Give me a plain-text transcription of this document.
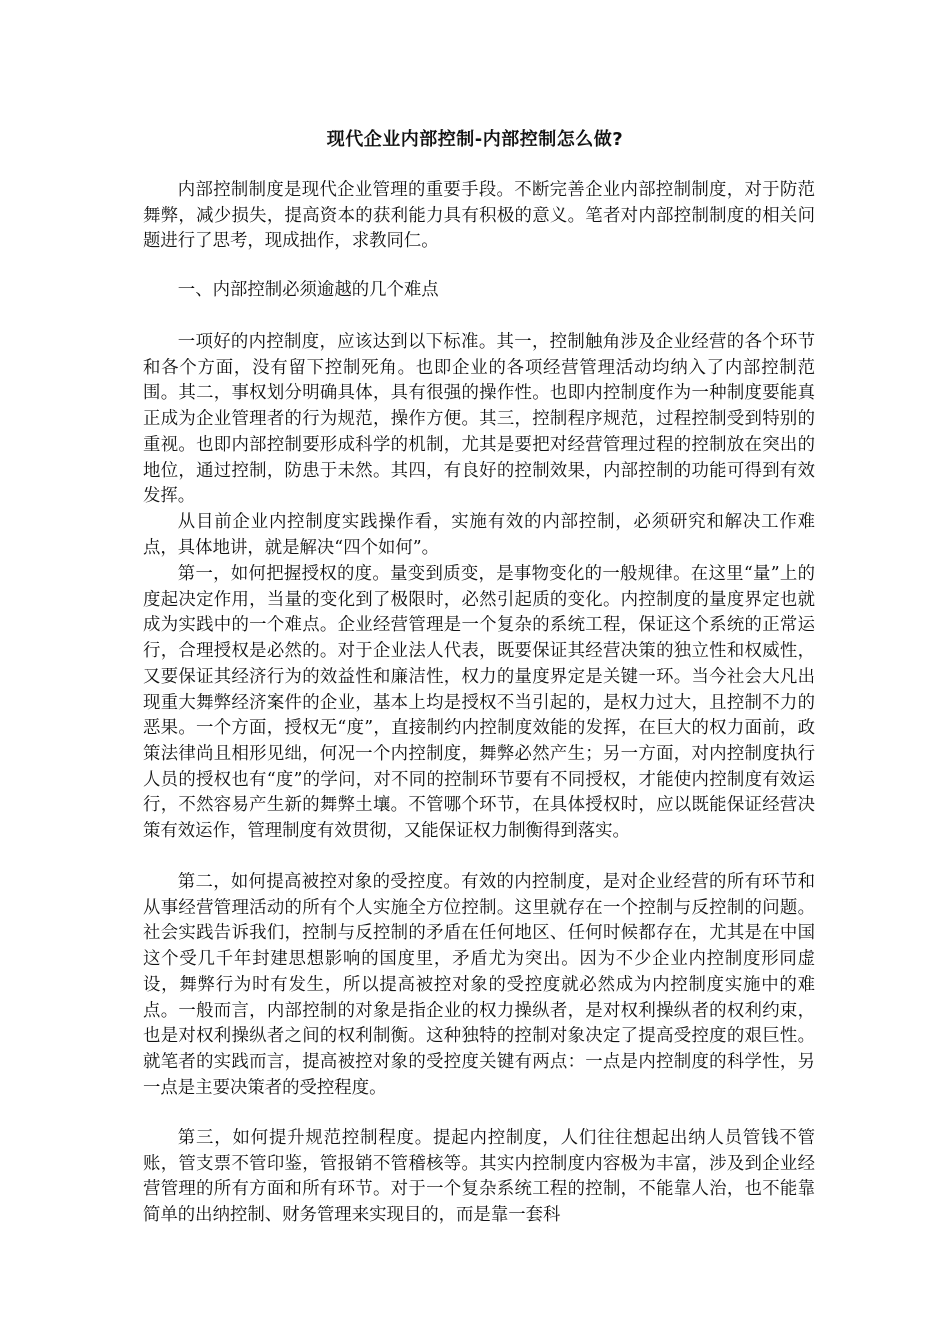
现代企业内部控制-内部控制怎么做?

内部控制制度是现代企业管理的重要手段。不断完善企业内部控制制度，对于防范舞弊，减少损失，提高资本的获利能力具有积极的意义。笔者对内部控制制度的相关问题进行了思考，现成拙作，求教同仁。

一、内部控制必须逾越的几个难点

一项好的内控制度，应该达到以下标准。其一，控制触角涉及企业经营的各个环节和各个方面，没有留下控制死角。也即企业的各项经营管理活动均纳入了内部控制范围。其二，事权划分明确具体，具有很强的操作性。也即内控制度作为一种制度要能真正成为企业管理者的行为规范，操作方便。其三，控制程序规范，过程控制受到特别的重视。也即内部控制要形成科学的机制，尤其是要把对经营管理过程的控制放在突出的地位，通过控制，防患于未然。其四，有良好的控制效果，内部控制的功能可得到有效发挥。

从目前企业内控制度实践操作看，实施有效的内部控制，必须研究和解决工作难点，具体地讲，就是解决“四个如何”。

第一，如何把握授权的度。量变到质变，是事物变化的一般规律。在这里“量”上的度起决定作用，当量的变化到了极限时，必然引起质的变化。内控制度的量度界定也就成为实践中的一个难点。企业经营管理是一个复杂的系统工程，保证这个系统的正常运行，合理授权是必然的。对于企业法人代表，既要保证其经营决策的独立性和权威性，又要保证其经济行为的效益性和廉洁性，权力的量度界定是关键一环。当今社会大凡出现重大舞弊经济案件的企业，基本上均是授权不当引起的，是权力过大，且控制不力的恶果。一个方面，授权无“度”，直接制约内控制度效能的发挥，在巨大的权力面前，政策法律尚且相形见绌，何况一个内控制度，舞弊必然产生；另一方面，对内控制度执行人员的授权也有“度”的学问，对不同的控制环节要有不同授权，才能使内控制度有效运行，不然容易产生新的舞弊土壤。不管哪个环节，在具体授权时，应以既能保证经营决策有效运作，管理制度有效贯彻，又能保证权力制衡得到落实。

第二，如何提高被控对象的受控度。有效的内控制度，是对企业经营的所有环节和从事经营管理活动的所有个人实施全方位控制。这里就存在一个控制与反控制的问题。社会实践告诉我们，控制与反控制的矛盾在任何地区、任何时候都存在，尤其是在中国这个受几千年封建思想影响的国度里，矛盾尤为突出。因为不少企业内控制度形同虚设，舞弊行为时有发生，所以提高被控对象的受控度就必然成为内控制度实施中的难点。一般而言，内部控制的对象是指企业的权力操纵者，是对权利操纵者的权利约束，也是对权利操纵者之间的权利制衡。这种独特的控制对象决定了提高受控度的艰巨性。就笔者的实践而言，提高被控对象的受控度关键有两点：一点是内控制度的科学性，另一点是主要决策者的受控程度。

第三，如何提升规范控制程度。提起内控制度，人们往往想起出纳人员管钱不管账，管支票不管印鉴，管报销不管稽核等。其实内控制度内容极为丰富，涉及到企业经营管理的所有方面和所有环节。对于一个复杂系统工程的控制，不能靠人治，也不能靠简单的出纳控制、财务管理来实现目的，而是靠一套科
